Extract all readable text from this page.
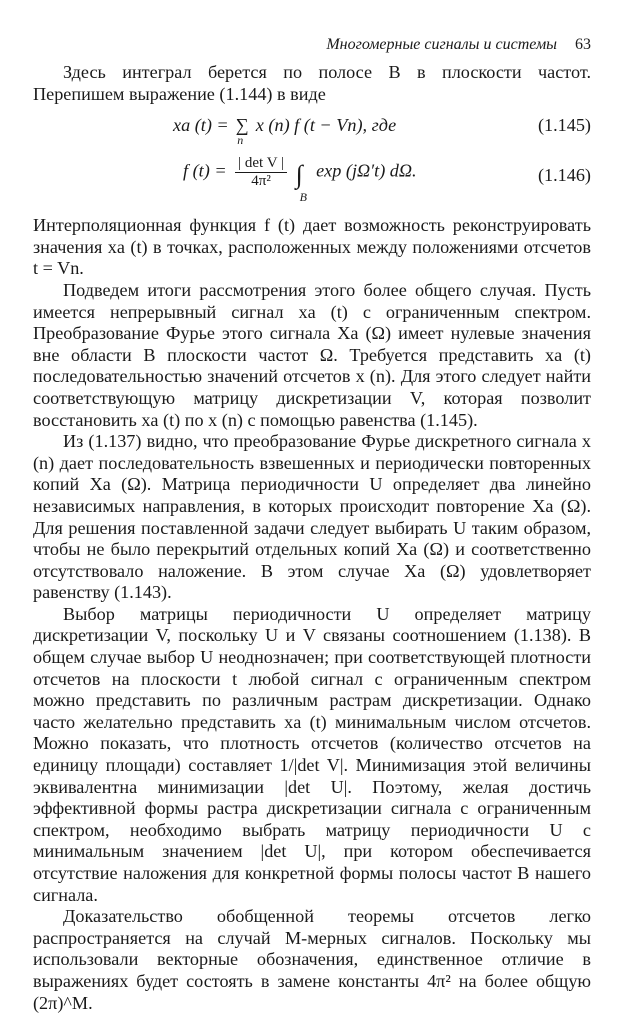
Многомерные сигналы и системы 63

Здесь интеграл берется по полосе B в плоскости частот. Перепишем выражение (1.144) в виде

xa (t) = ∑
n
x (n) f (t − Vn), где	(1.145)
f $(t) = \frac{\text{| det V |}}{\text{4π²}}$ ∫
B
exp (jΩ′t) dΩ.	(1.146)

Интерполяционная функция f (t) дает возможность реконструировать значения xa (t) в точках, расположенных между положениями отсчетов t = Vn.

Подведем итоги рассмотрения этого более общего случая. Пусть имеется непрерывный сигнал xa (t) с ограниченным спектром. Преобразование Фурье этого сигнала Xa (Ω) имеет нулевые значения вне области B плоскости частот Ω. Требуется представить xa (t) последовательностью значений отсчетов x (n). Для этого следует найти соответствующую матрицу дискретизации V, которая позволит восстановить xa (t) по x (n) с помощью равенства (1.145).

Из (1.137) видно, что преобразование Фурье дискретного сигнала x (n) дает последовательность взвешенных и периодически повторенных копий Xa (Ω). Матрица периодичности U определяет два линейно независимых направления, в которых происходит повторение Xa (Ω). Для решения поставленной задачи следует выбирать U таким образом, чтобы не было перекрытий отдельных копий Xa (Ω) и соответственно отсутствовало наложение. В этом случае Xa (Ω) удовлетворяет равенству (1.143).

Выбор матрицы периодичности U определяет матрицу дискретизации V, поскольку U и V связаны соотношением (1.138). В общем случае выбор U неоднозначен; при соответствующей плотности отсчетов на плоскости t любой сигнал с ограниченным спектром можно представить по различным растрам дискретизации. Однако часто желательно представить xa (t) минимальным числом отсчетов. Можно показать, что плотность отсчетов (количество отсчетов на единицу площади) составляет 1/|det V|. Минимизация этой величины эквивалентна минимизации |det U|. Поэтому, желая достичь эффективной формы растра дискретизации сигнала с ограниченным спектром, необходимо выбрать матрицу периодичности U с минимальным значением |det U|, при котором обеспечивается отсутствие наложения для конкретной формы полосы частот B нашего сигнала.

Доказательство обобщенной теоремы отсчетов легко распространяется на случай M-мерных сигналов. Поскольку мы использовали векторные обозначения, единственное отличие в выражениях будет состоять в замене константы 4π² на более общую (2π)^M.
